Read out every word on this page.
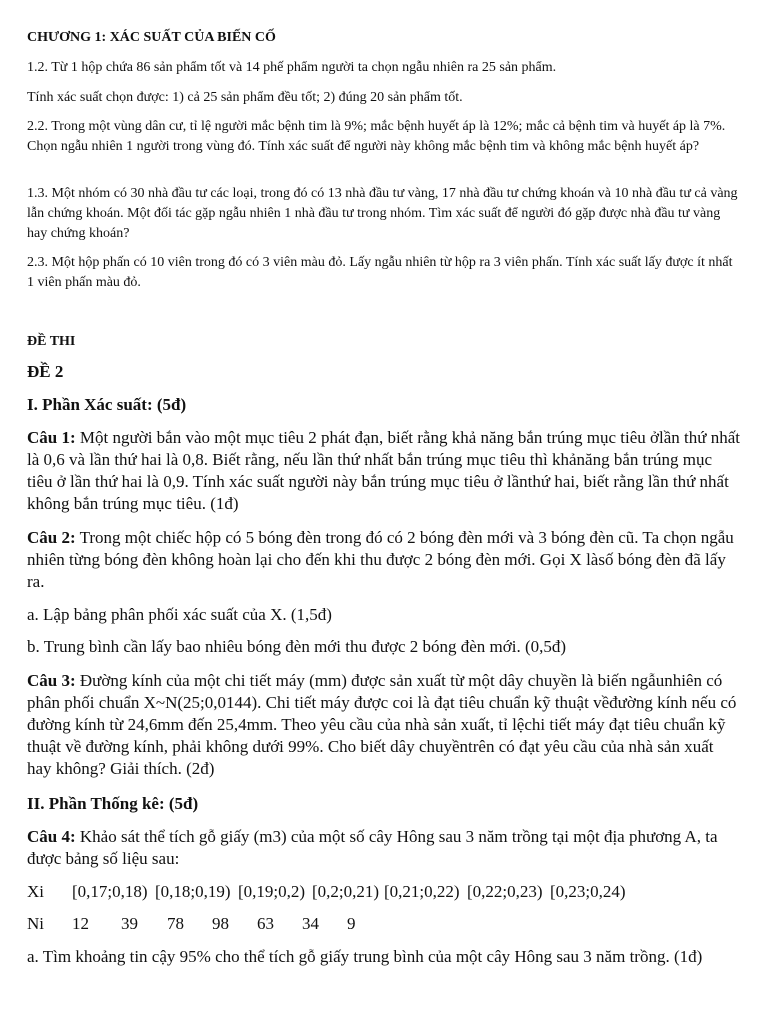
CHƯƠNG 1: XÁC SUẤT CỦA BIẾN CỐ

1.2. Từ 1 hộp chứa 86 sản phẩm tốt và 14 phế phẩm người ta chọn ngẫu nhiên ra 25 sản phẩm.

Tính xác suất chọn được: 1) cả 25 sản phẩm đều tốt; 2) đúng 20 sản phẩm tốt.

2.2. Trong một vùng dân cư, tỉ lệ người mắc bệnh tim là 9%; mắc bệnh huyết áp là 12%; mắc cả bệnh tim và huyết áp là 7%. Chọn ngẫu nhiên 1 người trong vùng đó. Tính xác suất để người này không mắc bệnh tim và không mắc bệnh huyết áp?

1.3. Một nhóm có 30 nhà đầu tư các loại, trong đó có 13 nhà đầu tư vàng, 17 nhà đầu tư chứng khoán và 10 nhà đầu tư cả vàng lẫn chứng khoán. Một đối tác gặp ngẫu nhiên 1 nhà đầu tư trong nhóm. Tìm xác suất để người đó gặp được nhà đầu tư vàng hay chứng khoán?

2.3. Một hộp phấn có 10 viên trong đó có 3 viên màu đỏ. Lấy ngẫu nhiên từ hộp ra 3 viên phấn. Tính xác suất lấy được ít nhất 1 viên phấn màu đỏ.

ĐỀ THI

ĐỀ 2

I. Phần Xác suất: (5đ)

Câu 1: Một người bắn vào một mục tiêu 2 phát đạn, biết rằng khả năng bắn trúng mục tiêu ởlần thứ nhất là 0,6 và lần thứ hai là 0,8. Biết rằng, nếu lần thứ nhất bắn trúng mục tiêu thì khảnăng bắn trúng mục tiêu ở lần thứ hai là 0,9. Tính xác suất người này bắn trúng mục tiêu ở lầnthứ hai, biết rằng lần thứ nhất không bắn trúng mục tiêu. (1đ)

Câu 2: Trong một chiếc hộp có 5 bóng đèn trong đó có 2 bóng đèn mới và 3 bóng đèn cũ. Ta chọn ngẫu nhiên từng bóng đèn không hoàn lại cho đến khi thu được 2 bóng đèn mới. Gọi X làsố bóng đèn đã lấy ra.

a. Lập bảng phân phối xác suất của X. (1,5đ)

b. Trung bình cần lấy bao nhiêu bóng đèn mới thu được 2 bóng đèn mới. (0,5đ)

Câu 3: Đường kính của một chi tiết máy (mm) được sản xuất từ một dây chuyền là biến ngẫunhiên có phân phối chuẩn X~N(25;0,0144). Chi tiết máy được coi là đạt tiêu chuẩn kỹ thuật vềđường kính nếu có đường kính từ 24,6mm đến 25,4mm. Theo yêu cầu của nhà sản xuất, tỉ lệchi tiết máy đạt tiêu chuẩn kỹ thuật về đường kính, phải không dưới 99%. Cho biết dây chuyềntrên có đạt yêu cầu của nhà sản xuất hay không? Giải thích. (2đ)

II. Phần Thống kê: (5đ)

Câu 4: Khảo sát thể tích gỗ giấy (m3) của một số cây Hông sau 3 năm trồng tại một địa phương A, ta được bảng số liệu sau:

Xi [0,17;0,18) [0,18;0,19) [0,19;0,2) [0,2;0,21) [0,21;0,22) [0,22;0,23) [0,23;0,24)
Ni 12 39 78 98 63 34 9

a. Tìm khoảng tin cậy 95% cho thể tích gỗ giấy trung bình của một cây Hông sau 3 năm trồng. (1đ)
